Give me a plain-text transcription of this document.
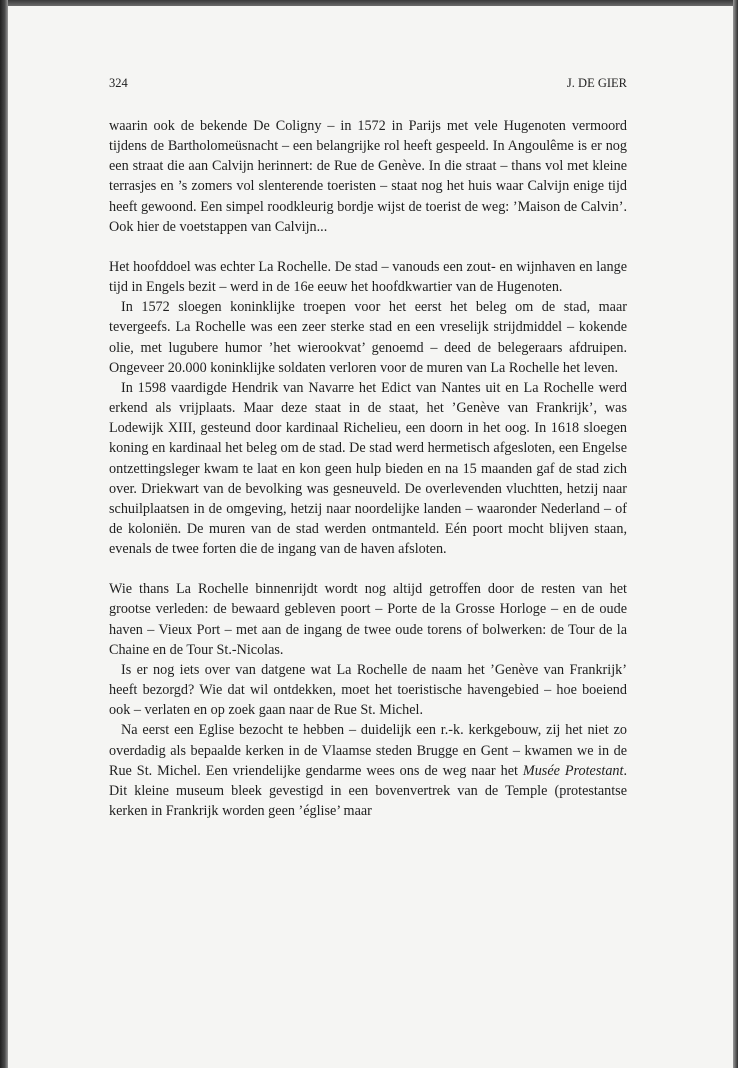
324	J. DE GIER

waarin ook de bekende De Coligny – in 1572 in Parijs met vele Hugenoten vermoord tijdens de Bartholomeüsnacht – een belangrijke rol heeft gespeeld. In Angoulême is er nog een straat die aan Calvijn herinnert: de Rue de Genève. In die straat – thans vol met kleine terrasjes en ’s zomers vol slenterende toeristen – staat nog het huis waar Calvijn enige tijd heeft gewoond. Een simpel roodkleurig bordje wijst de toerist de weg: ’Maison de Calvin’. Ook hier de voetstappen van Calvijn...

Het hoofddoel was echter La Rochelle. De stad – vanouds een zout- en wijnhaven en lange tijd in Engels bezit – werd in de 16e eeuw het hoofdkwartier van de Hugenoten.

In 1572 sloegen koninklijke troepen voor het eerst het beleg om de stad, maar tevergeefs. La Rochelle was een zeer sterke stad en een vreselijk strijdmiddel – kokende olie, met lugubere humor ’het wierookvat’ genoemd – deed de belegeraars afdruipen. Ongeveer 20.000 koninklijke soldaten verloren voor de muren van La Rochelle het leven.

In 1598 vaardigde Hendrik van Navarre het Edict van Nantes uit en La Rochelle werd erkend als vrijplaats. Maar deze staat in de staat, het ’Genève van Frankrijk’, was Lodewijk XIII, gesteund door kardinaal Richelieu, een doorn in het oog. In 1618 sloegen koning en kardinaal het beleg om de stad. De stad werd hermetisch afgesloten, een Engelse ontzettingsleger kwam te laat en kon geen hulp bieden en na 15 maanden gaf de stad zich over. Driekwart van de bevolking was gesneuveld. De overlevenden vluchtten, hetzij naar schuilplaatsen in de omgeving, hetzij naar noordelijke landen – waaronder Nederland – of de koloniën. De muren van de stad werden ontmanteld. Eén poort mocht blijven staan, evenals de twee forten die de ingang van de haven afsloten.

Wie thans La Rochelle binnenrijdt wordt nog altijd getroffen door de resten van het grootse verleden: de bewaard gebleven poort – Porte de la Grosse Horloge – en de oude haven – Vieux Port – met aan de ingang de twee oude torens of bolwerken: de Tour de la Chaine en de Tour St.-Nicolas.

Is er nog iets over van datgene wat La Rochelle de naam het ’Genève van Frankrijk’ heeft bezorgd? Wie dat wil ontdekken, moet het toeristische havengebied – hoe boeiend ook – verlaten en op zoek gaan naar de Rue St. Michel.

Na eerst een Eglise bezocht te hebben – duidelijk een r.-k. kerkgebouw, zij het niet zo overdadig als bepaalde kerken in de Vlaamse steden Brugge en Gent – kwamen we in de Rue St. Michel. Een vriendelijke gendarme wees ons de weg naar het Musée Protestant. Dit kleine museum bleek gevestigd in een bovenvertrek van de Temple (protestantse kerken in Frankrijk worden geen ’église’ maar
